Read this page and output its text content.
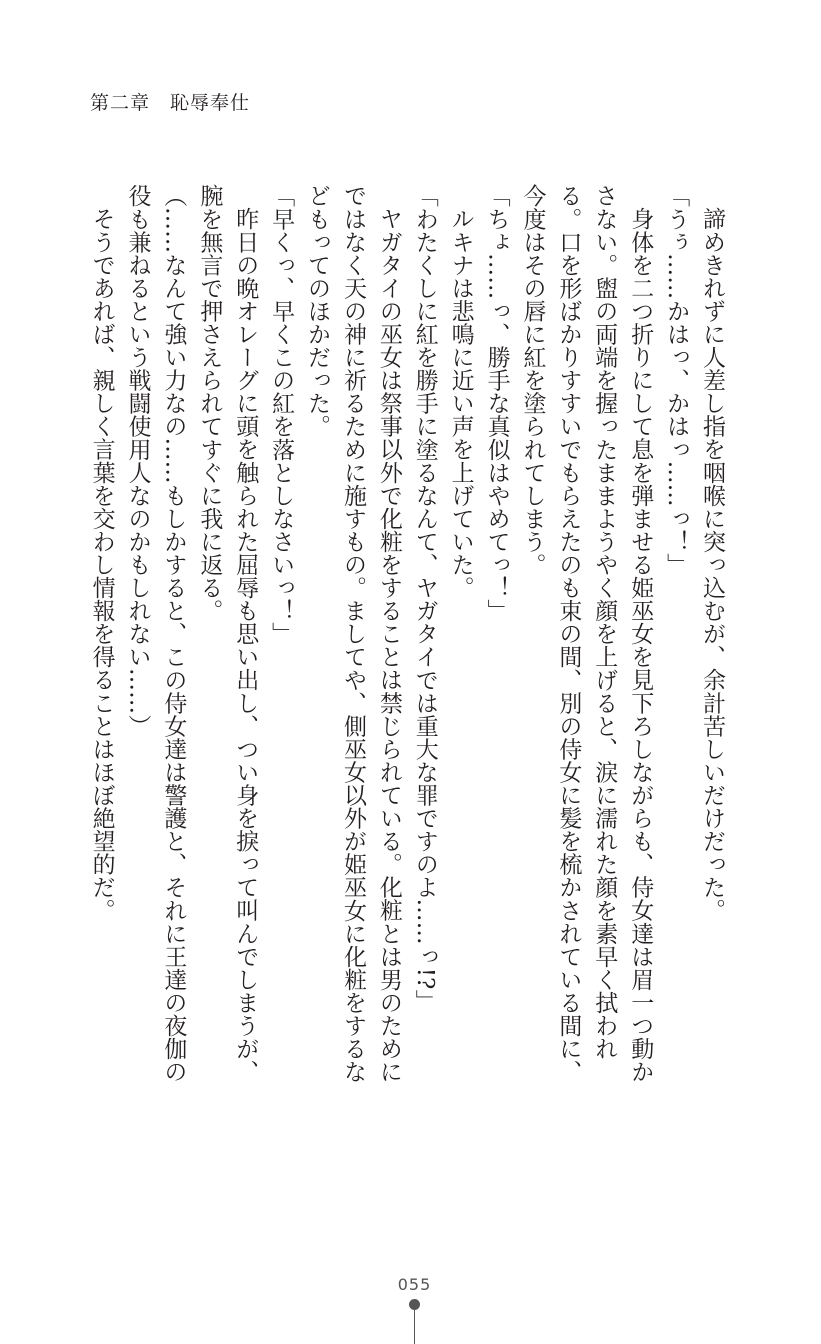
第二章　恥辱奉仕

諦めきれずに人差し指を咽喉に突っ込むが、余計苦しいだけだった。

「うぅ……かはっ、かはっ……っ！」

身体を二つ折りにして息を弾ませる姫巫女を見下ろしながらも、侍女達は眉一つ動かさない。盥の両端を握ったままようやく顔を上げると、涙に濡れた顔を素早く拭われる。口を形ばかりすすいでもらえたのも束の間、別の侍女に髪を梳かされている間に、今度はその唇に紅を塗られてしまう。

「ちょ……っ、勝手な真似はやめてっ！」

ルキナは悲鳴に近い声を上げていた。

「わたくしに紅を勝手に塗るなんて、ヤガタイでは重大な罪ですのよ……っ!?」

ヤガタイの巫女は祭事以外で化粧をすることは禁じられている。化粧とは男のためにではなく天の神に祈るために施すもの。ましてや、側巫女以外が姫巫女に化粧をするなどもってのほかだった。

「早くっ、早くこの紅を落としなさいっ！」

昨日の晩オレーグに頭を触られた屈辱も思い出し、つい身を捩って叫んでしまうが、腕を無言で押さえられてすぐに我に返る。

（……なんて強い力なの……もしかすると、この侍女達は警護と、それに王達の夜伽の役も兼ねるという戦闘使用人なのかもしれない……）

そうであれば、親しく言葉を交わし情報を得ることはほぼ絶望的だ。

055
